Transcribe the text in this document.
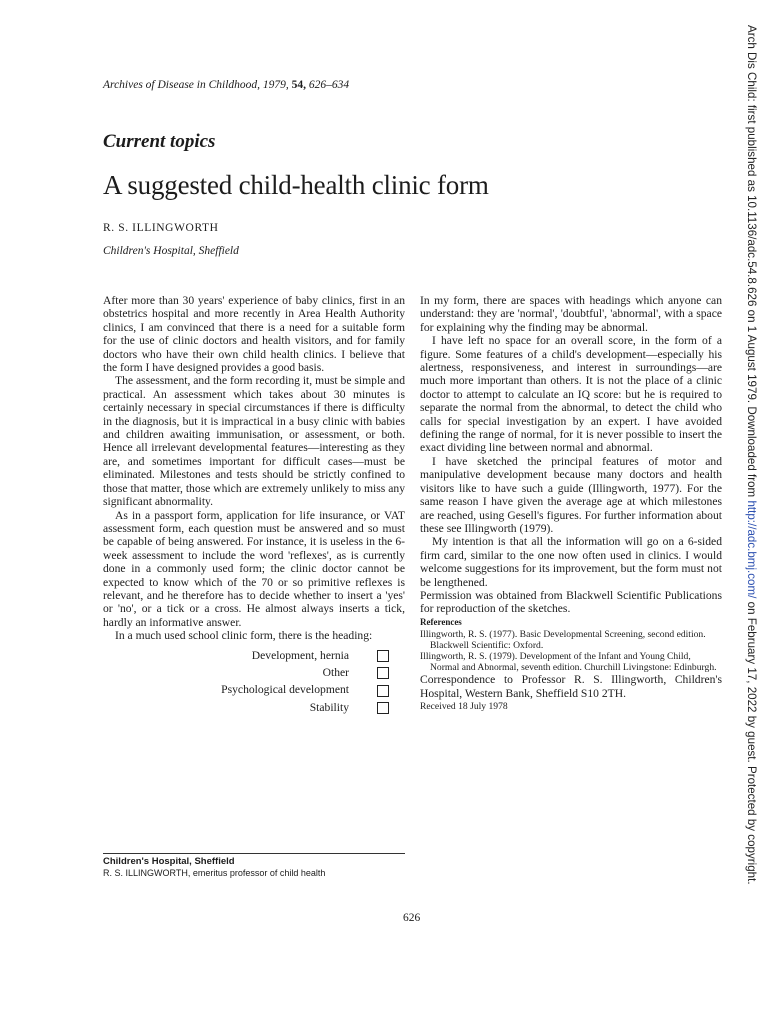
Archives of Disease in Childhood, 1979, 54, 626–634
Current topics
A suggested child-health clinic form
R. S. ILLINGWORTH
Children's Hospital, Sheffield

After more than 30 years' experience of baby clinics, first in an obstetrics hospital and more recently in Area Health Authority clinics, I am convinced that there is a need for a suitable form for the use of clinic doctors and health visitors, and for family doctors who have their own child health clinics. I believe that the form I have designed provides a good basis.

The assessment, and the form recording it, must be simple and practical. An assessment which takes about 30 minutes is certainly necessary in special circumstances if there is difficulty in the diagnosis, but it is impractical in a busy clinic with babies and children awaiting immunisation, or assessment, or both. Hence all irrelevant developmental features—interesting as they are, and sometimes important for difficult cases—must be eliminated. Milestones and tests should be strictly confined to those that matter, those which are extremely unlikely to miss any significant abnormality.

As in a passport form, application for life insurance, or VAT assessment form, each question must be answered and so must be capable of being answered. For instance, it is useless in the 6-week assessment to include the word 'reflexes', as is currently done in a commonly used form; the clinic doctor cannot be expected to know which of the 70 or so primitive reflexes is relevant, and he therefore has to decide whether to insert a 'yes' or 'no', or a tick or a cross. He almost always inserts a tick, hardly an informative answer.

In a much used school clinic form, there is the heading:

Development, hernia	
Other	
Psychological development	
Stability	
Children's Hospital, Sheffield
R. S. ILLINGWORTH, emeritus professor of child health

In my form, there are spaces with headings which anyone can understand: they are 'normal', 'doubtful', 'abnormal', with a space for explaining why the finding may be abnormal.

I have left no space for an overall score, in the form of a figure. Some features of a child's development—especially his alertness, responsiveness, and interest in surroundings—are much more important than others. It is not the place of a clinic doctor to attempt to calculate an IQ score: but he is required to separate the normal from the abnormal, to detect the child who calls for special investigation by an expert. I have avoided defining the range of normal, for it is never possible to insert the exact dividing line between normal and abnormal.

I have sketched the principal features of motor and manipulative development because many doctors and health visitors like to have such a guide (Illingworth, 1977). For the same reason I have given the average age at which milestones are reached, using Gesell's figures. For further information about these see Illingworth (1979).

My intention is that all the information will go on a 6-sided firm card, similar to the one now often used in clinics. I would welcome suggestions for its improvement, but the form must not be lengthened.

Permission was obtained from Blackwell Scientific Publications for reproduction of the sketches.

References

Illingworth, R. S. (1977). Basic Developmental Screening, second edition. Blackwell Scientific: Oxford.

Illingworth, R. S. (1979). Development of the Infant and Young Child, Normal and Abnormal, seventh edition. Churchill Livingstone: Edinburgh.

Correspondence to Professor R. S. Illingworth, Children's Hospital, Western Bank, Sheffield S10 2TH.

Received 18 July 1978

626
Arch Dis Child: first published as 10.1136/adc.54.8.626 on 1 August 1979. Downloaded from http://adc.bmj.com/ on February 17, 2022 by guest. Protected by copyright.
